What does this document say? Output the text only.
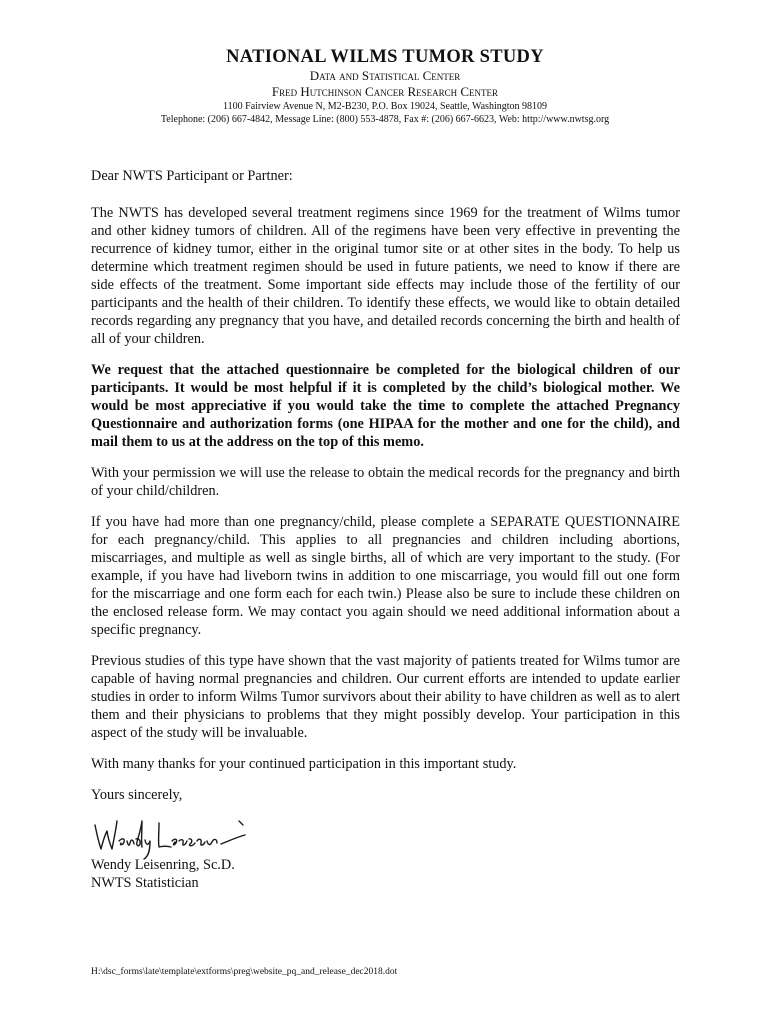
NATIONAL WILMS TUMOR STUDY

Data and Statistical Center

Fred Hutchinson Cancer Research Center

1100 Fairview Avenue N, M2-B230, P.O. Box 19024, Seattle, Washington 98109

Telephone: (206) 667-4842, Message Line: (800) 553-4878, Fax #: (206) 667-6623, Web: http://www.nwtsg.org

Dear NWTS Participant or Partner:

The NWTS has developed several treatment regimens since 1969 for the treatment of Wilms tumor and other kidney tumors of children. All of the regimens have been very effective in preventing the recurrence of kidney tumor, either in the original tumor site or at other sites in the body. To help us determine which treatment regimen should be used in future patients, we need to know if there are side effects of the treatment. Some important side effects may include those of the fertility of our participants and the health of their children. To identify these effects, we would like to obtain detailed records regarding any pregnancy that you have, and detailed records concerning the birth and health of all of your children.

We request that the attached questionnaire be completed for the biological children of our participants. It would be most helpful if it is completed by the child’s biological mother. We would be most appreciative if you would take the time to complete the attached Pregnancy Questionnaire and authorization forms (one HIPAA for the mother and one for the child), and mail them to us at the address on the top of this memo.

With your permission we will use the release to obtain the medical records for the pregnancy and birth of your child/children.

If you have had more than one pregnancy/child, please complete a SEPARATE QUESTIONNAIRE for each pregnancy/child. This applies to all pregnancies and children including abortions, miscarriages, and multiple as well as single births, all of which are very important to the study. (For example, if you have had liveborn twins in addition to one miscarriage, you would fill out one form for the miscarriage and one form each for each twin.) Please also be sure to include these children on the enclosed release form. We may contact you again should we need additional information about a specific pregnancy.

Previous studies of this type have shown that the vast majority of patients treated for Wilms tumor are capable of having normal pregnancies and children. Our current efforts are intended to update earlier studies in order to inform Wilms Tumor survivors about their ability to have children as well as to alert them and their physicians to problems that they might possibly develop. Your participation in this aspect of the study will be invaluable.

With many thanks for your continued participation in this important study.

Yours sincerely,

Wendy Leisenring, Sc.D.
NWTS Statistician
H:\dsc_forms\late\template\extforms\preg\website_pq_and_release_dec2018.dot
